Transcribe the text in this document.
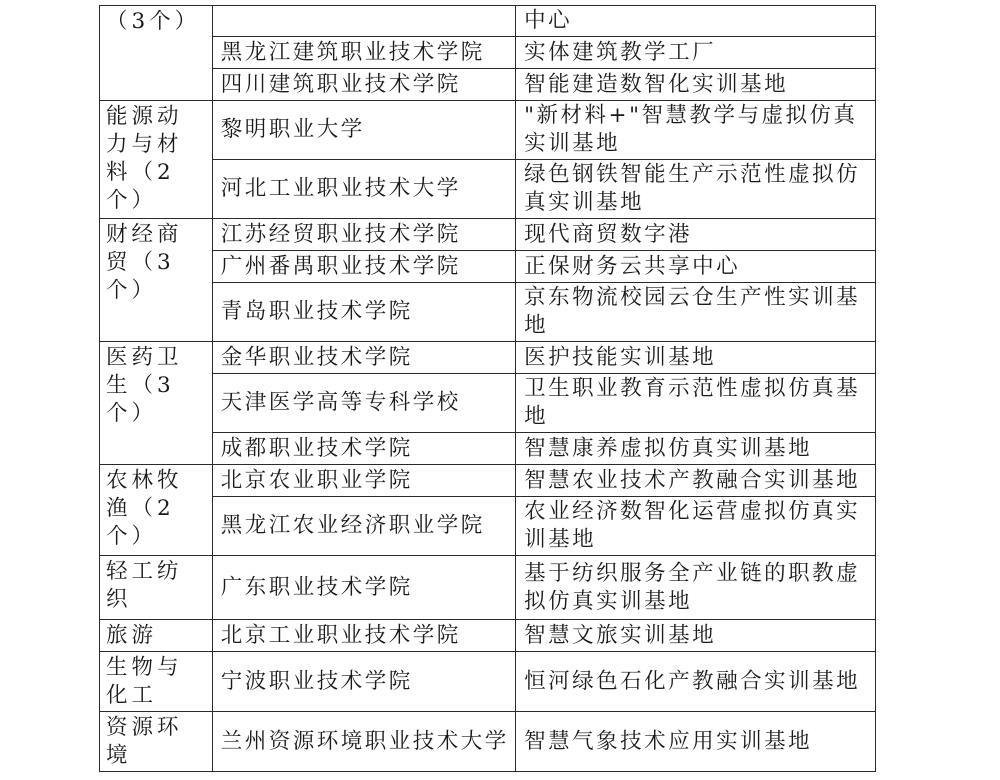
（3个）		中心
	黑龙江建筑职业技术学院	实体建筑教学工厂
	四川建筑职业技术学院	智能建造数智化实训基地
能源动力与材料（2个）	黎明职业大学	"新材料+"智慧教学与虚拟仿真实训基地
	河北工业职业技术大学	绿色钢铁智能生产示范性虚拟仿真实训基地
财经商贸（3个）	江苏经贸职业技术学院	现代商贸数字港
	广州番禺职业技术学院	正保财务云共享中心
	青岛职业技术学院	京东物流校园云仓生产性实训基地
医药卫生（3个）	金华职业技术学院	医护技能实训基地
	天津医学高等专科学校	卫生职业教育示范性虚拟仿真基地
	成都职业技术学院	智慧康养虚拟仿真实训基地
农林牧渔（2个）	北京农业职业学院	智慧农业技术产教融合实训基地
	黑龙江农业经济职业学院	农业经济数智化运营虚拟仿真实训基地
轻工纺织	广东职业技术学院	基于纺织服务全产业链的职教虚拟仿真实训基地
旅游	北京工业职业技术学院	智慧文旅实训基地
生物与化工	宁波职业技术学院	恒河绿色石化产教融合实训基地
资源环境	兰州资源环境职业技术大学	智慧气象技术应用实训基地
